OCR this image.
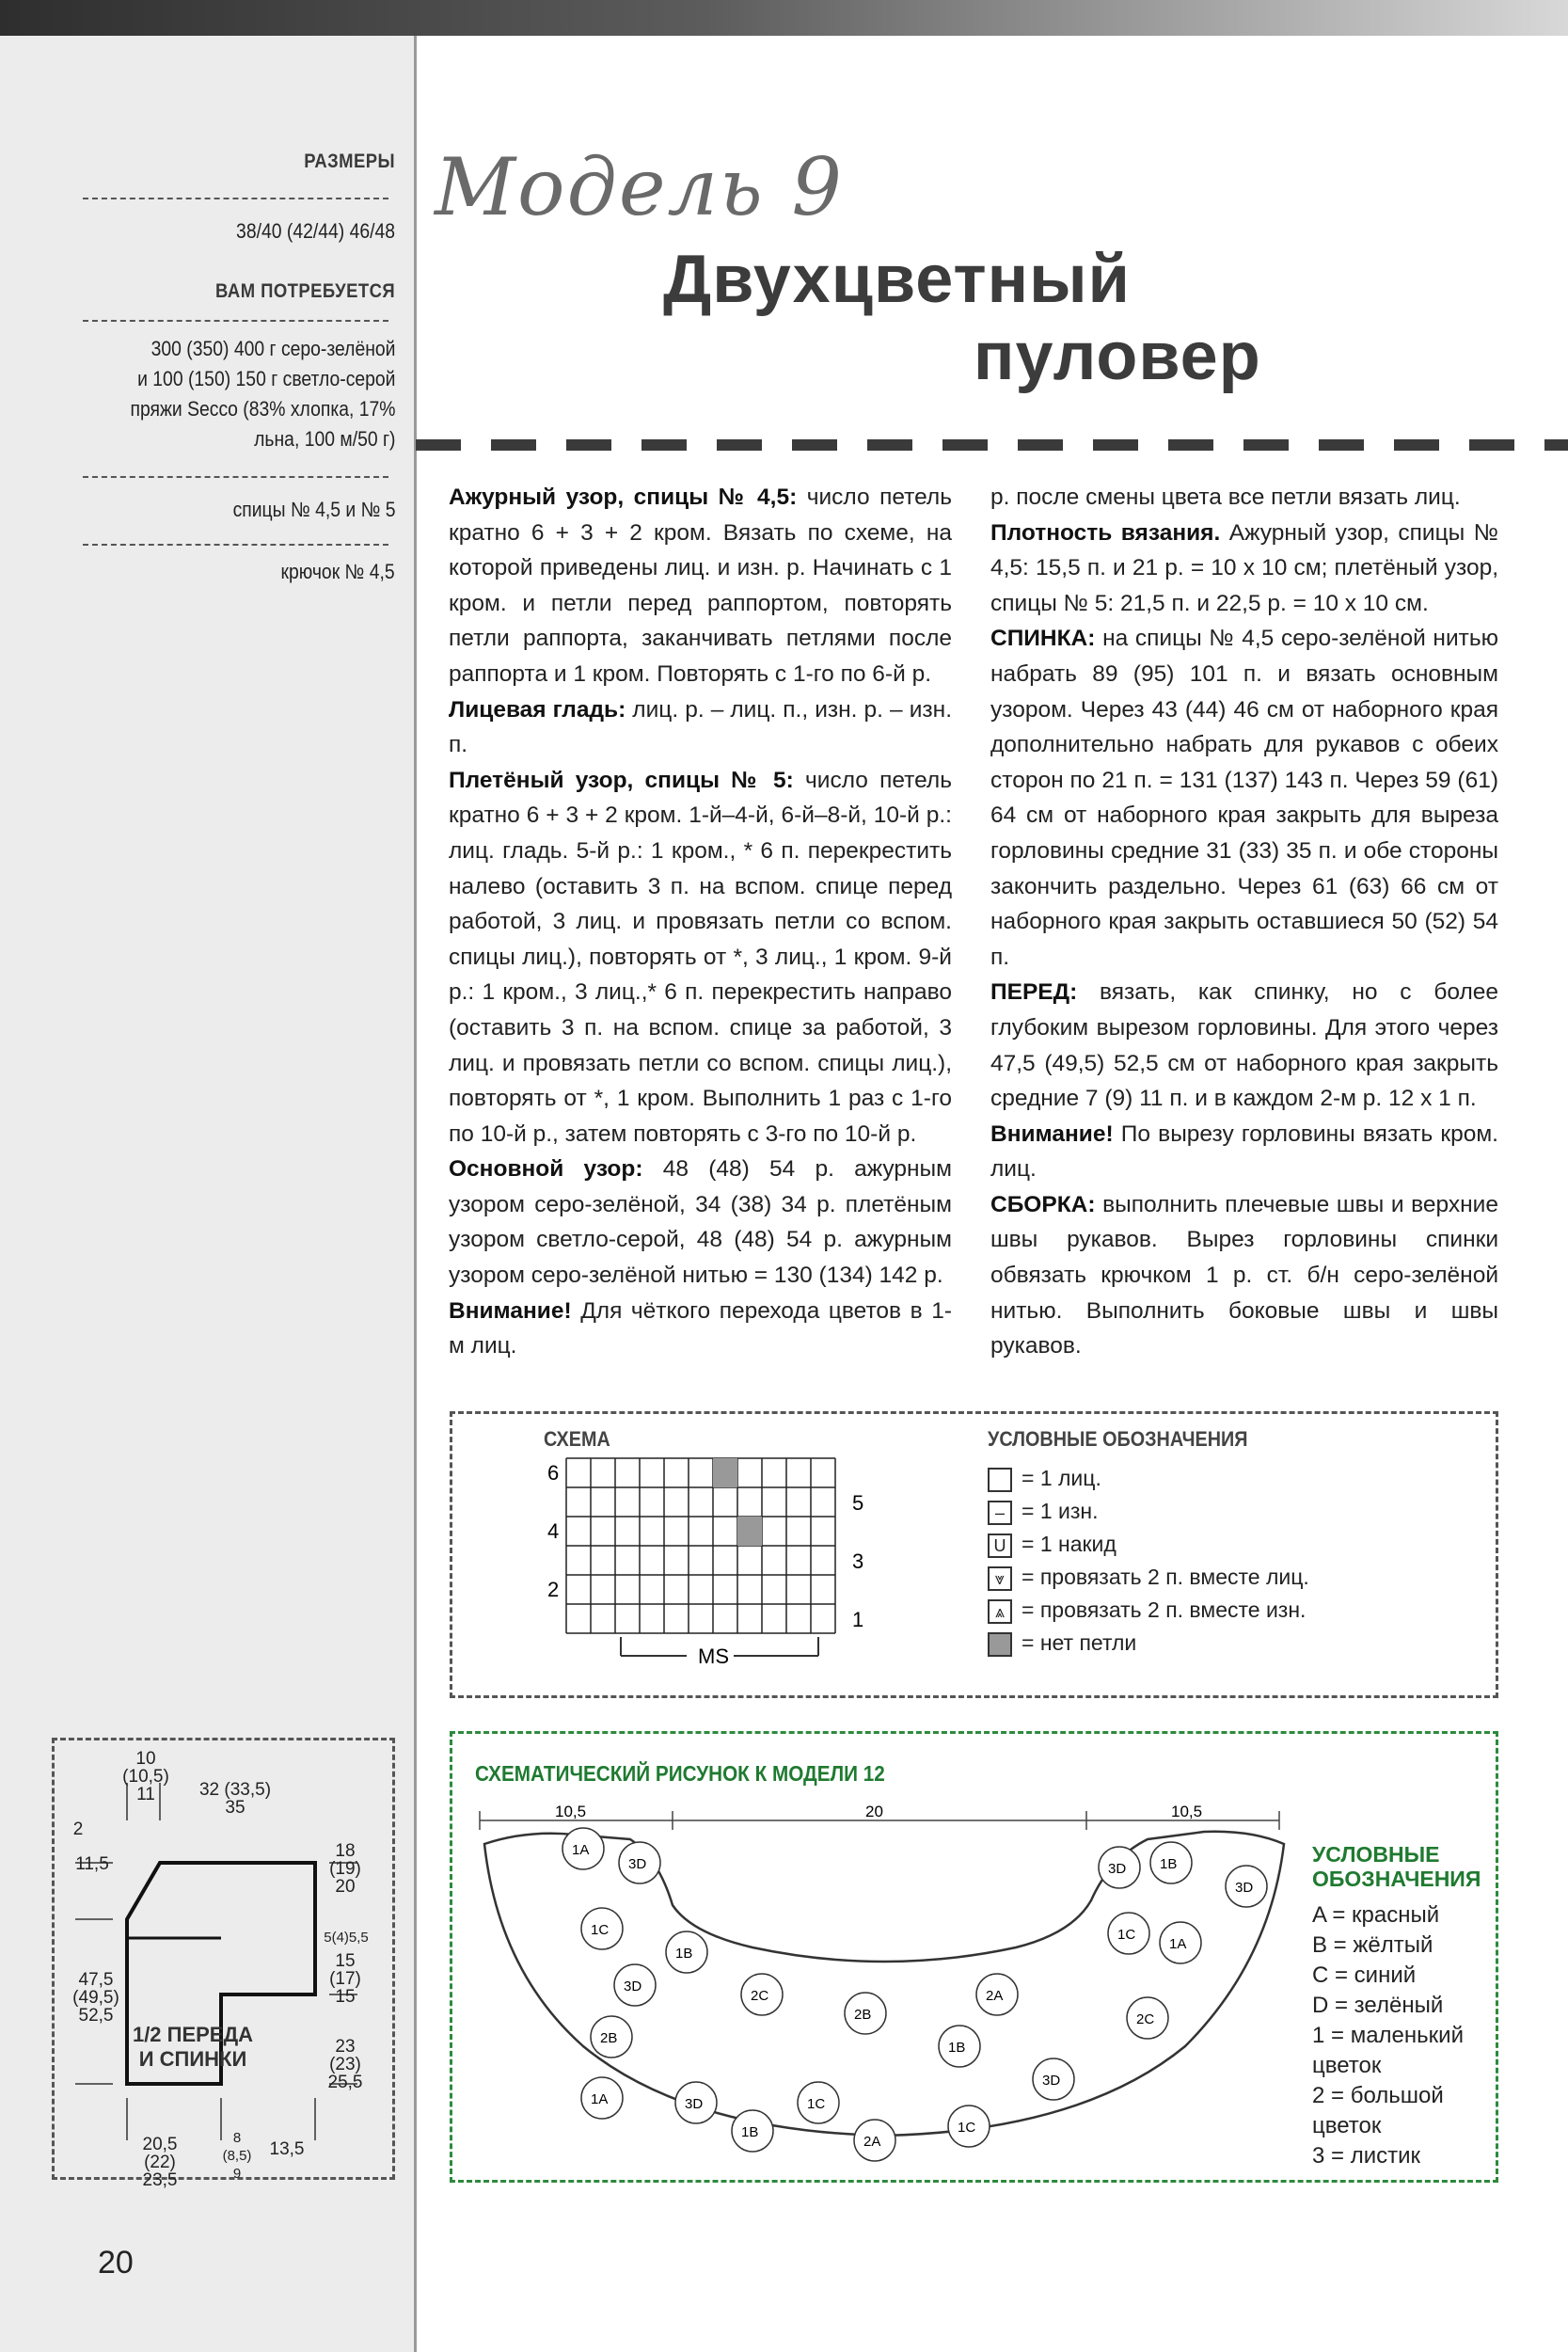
РАЗМЕРЫ
38/40 (42/44) 46/48
ВАМ ПОТРЕБУЕТСЯ
300 (350) 400 г серо-зелёной
и 100 (150) 150 г светло-серой
пряжи Secco (83% хлопка, 17%
льна, 100 м/50 г)
спицы № 4,5 и № 5
крючок № 4,5
Модель 9
Двухцветный
пуловер

Ажурный узор, спицы № 4,5: число петель кратно 6 + 3 + 2 кром. Вязать по схеме, на которой приведены лиц. и изн. р. Начинать с 1 кром. и петли перед раппортом, повторять петли раппорта, заканчивать петлями после раппорта и 1 кром. Повторять с 1-го по 6-й р.

Лицевая гладь: лиц. р. – лиц. п., изн. р. – изн. п.

Плетёный узор, спицы № 5: число петель кратно 6 + 3 + 2 кром. 1-й–4-й, 6-й–8-й, 10-й р.: лиц. гладь. 5-й р.: 1 кром., * 6 п. перекрестить налево (оставить 3 п. на вспом. спице перед работой, 3 лиц. и провязать петли со вспом. спицы лиц.), повторять от *, 3 лиц., 1 кром. 9-й р.: 1 кром., 3 лиц.,* 6 п. перекрестить направо (оставить 3 п. на вспом. спице за работой, 3 лиц. и провязать петли со вспом. спицы лиц.), повторять от *, 1 кром. Выполнить 1 раз с 1-го по 10-й р., затем повторять с 3-го по 10-й р.

Основной узор: 48 (48) 54 р. ажурным узором серо-зелёной, 34 (38) 34 р. плетёным узором светло-серой, 48 (48) 54 р. ажурным узором серо-зелёной нитью = 130 (134) 142 р.

Внимание! Для чёткого перехода цветов в 1-м лиц.

р. после смены цвета все петли вязать лиц.

Плотность вязания. Ажурный узор, спицы № 4,5: 15,5 п. и 21 р. = 10 х 10 см; плетёный узор, спицы № 5: 21,5 п. и 22,5 р. = 10 х 10 см.

СПИНКА: на спицы № 4,5 серо-зелёной нитью набрать 89 (95) 101 п. и вязать основным узором. Через 43 (44) 46 см от наборного края дополнительно набрать для рукавов с обеих сторон по 21 п. = 131 (137) 143 п. Через 59 (61) 64 см от наборного края закрыть для выреза горловины средние 31 (33) 35 п. и обе стороны закончить раздельно. Через 61 (63) 66 см от наборного края закрыть оставшиеся 50 (52) 54 п.

ПЕРЕД: вязать, как спинку, но с более глубоким вырезом горловины. Для этого через 47,5 (49,5) 52,5 см от наборного края закрыть средние 7 (9) 11 п. и в каждом 2-м р. 12 х 1 п.

Внимание! По вырезу горловины вязать кром. лиц.

СБОРКА: выполнить плечевые швы и верхние швы рукавов. Вырез горловины спинки обвязать крючком 1 р. ст. б/н серо-зелёной нитью. Выполнить боковые швы и швы рукавов.

СХЕМА
6
4
2
5
3
1
MS
УСЛОВНЫЕ ОБОЗНАЧЕНИЯ
= 1 лиц.
– = 1 изн.
U = 1 накид
⩔ = провязать 2 п. вместе лиц.
⩓ = провязать 2 п. вместе изн.
= нет петли
10 (10,5) 11	32 (33,5) 35
2
11,5
47,5 (49,5) 52,5
18 (19) 20
5(4)5,5
15 (17) 15
23 (23) 25,5
20,5 (22) 23,5
8 (8,5) 9
13,5
1/2 ПЕРЕДА И СПИНКИ
СХЕМАТИЧЕСКИЙ РИСУНОК К МОДЕЛИ 12
10,5	20	10,5
1A
3D
1C
3D
1B
2B
2C
2B
2A
1B
1A	3D	1C
1B
2A
1C
3D 1B
1C
1A
3D
2C
3D
УСЛОВНЫЕ ОБОЗНАЧЕНИЯ
A = красный
B = жёлтый
C = синий
D = зелёный
1 = маленький цветок
2 = большой цветок
3 = листик
20
